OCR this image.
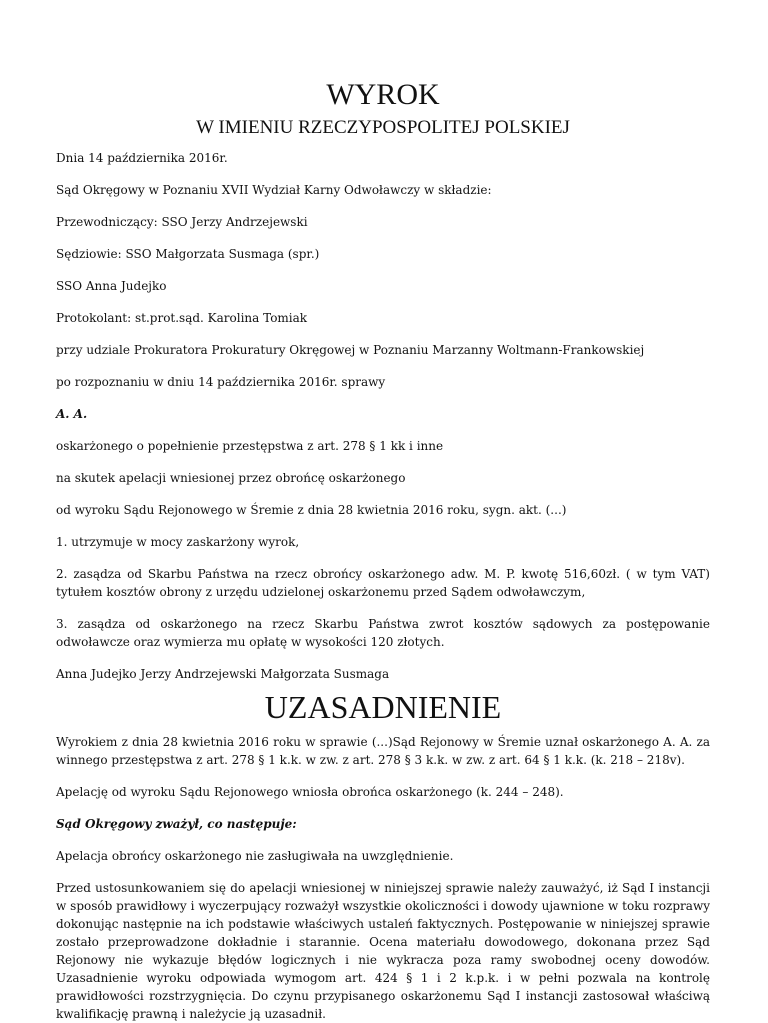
WYROK
W IMIENIU RZECZYPOSPOLITEJ POLSKIEJ

Dnia 14 października 2016r.

Sąd Okręgowy w Poznaniu XVII Wydział Karny Odwoławczy w składzie:

Przewodniczący: SSO Jerzy Andrzejewski

Sędziowie: SSO Małgorzata Susmaga (spr.)

SSO Anna Judejko

Protokolant: st.prot.sąd. Karolina Tomiak

przy udziale Prokuratora Prokuratury Okręgowej w Poznaniu Marzanny Woltmann-Frankowskiej

po rozpoznaniu w dniu 14 października 2016r. sprawy

A. A.

oskarżonego o popełnienie przestępstwa z art. 278 § 1 kk i inne

na skutek apelacji wniesionej przez obrońcę oskarżonego

od wyroku Sądu Rejonowego w Śremie z dnia 28 kwietnia 2016 roku, sygn. akt. (...)

1. utrzymuje w mocy zaskarżony wyrok,

2. zasądza od Skarbu Państwa na rzecz obrońcy oskarżonego adw. M. P. kwotę 516,60zł. ( w tym VAT) tytułem kosztów obrony z urzędu udzielonej oskarżonemu przed Sądem odwoławczym,

3. zasądza od oskarżonego na rzecz Skarbu Państwa zwrot kosztów sądowych za postępowanie odwoławcze oraz wymierza mu opłatę w wysokości 120 złotych.

Anna Judejko Jerzy Andrzejewski Małgorzata Susmaga

UZASADNIENIE

Wyrokiem z dnia 28 kwietnia 2016 roku w sprawie (...)Sąd Rejonowy w Śremie uznał oskarżonego A. A. za winnego przestępstwa z art. 278 § 1 k.k. w zw. z art. 278 § 3 k.k. w zw. z art. 64 § 1 k.k. (k. 218 – 218v).

Apelację od wyroku Sądu Rejonowego wniosła obrońca oskarżonego (k. 244 – 248).

Sąd Okręgowy zważył, co następuje:

Apelacja obrońcy oskarżonego nie zasługiwała na uwzględnienie.

Przed ustosunkowaniem się do apelacji wniesionej w niniejszej sprawie należy zauważyć, iż Sąd I instancji w sposób prawidłowy i wyczerpujący rozważył wszystkie okoliczności i dowody ujawnione w toku rozprawy dokonując następnie na ich podstawie właściwych ustaleń faktycznych. Postępowanie w niniejszej sprawie zostało przeprowadzone dokładnie i starannie. Ocena materiału dowodowego, dokonana przez Sąd Rejonowy nie wykazuje błędów logicznych i nie wykracza poza ramy swobodnej oceny dowodów. Uzasadnienie wyroku odpowiada wymogom art. 424 § 1 i 2 k.p.k. i w pełni pozwala na kontrolę prawidłowości rozstrzygnięcia. Do czynu przypisanego oskarżonemu Sąd I instancji zastosował właściwą kwalifikację prawną i należycie ją uzasadnił.
